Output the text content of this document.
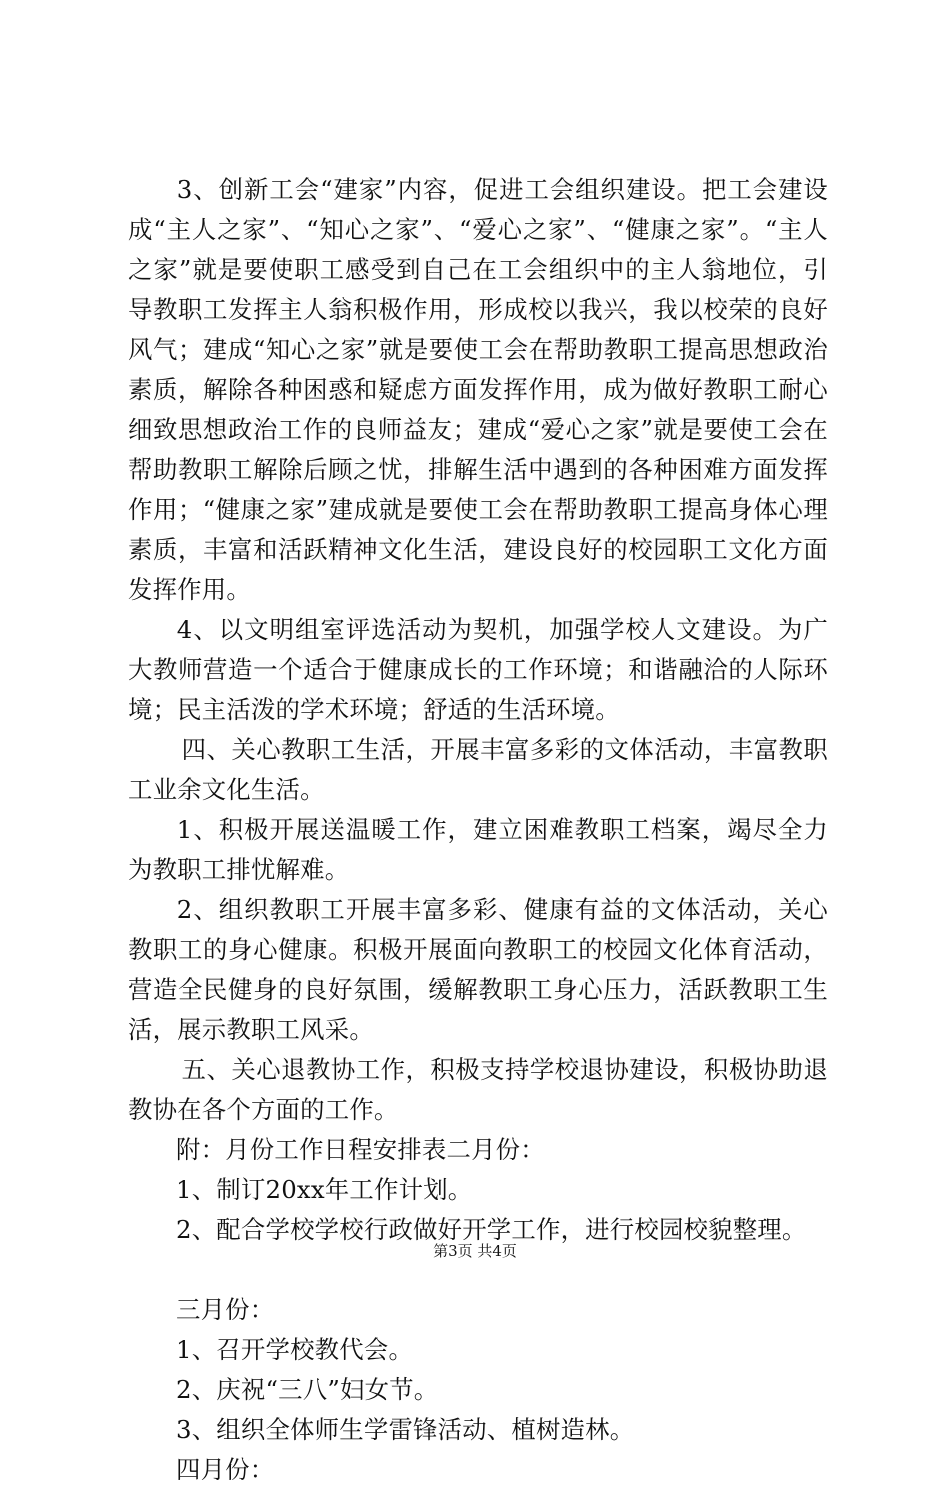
3、创新工会“建家”内容，促进工会组织建设。把工会建设成“主人之家”、“知心之家”、“爱心之家”、“健康之家”。“主人之家”就是要使职工感受到自己在工会组织中的主人翁地位，引导教职工发挥主人翁积极作用，形成校以我兴，我以校荣的良好风气；建成“知心之家”就是要使工会在帮助教职工提高思想政治素质，解除各种困惑和疑虑方面发挥作用，成为做好教职工耐心细致思想政治工作的良师益友；建成“爱心之家”就是要使工会在帮助教职工解除后顾之忧，排解生活中遇到的各种困难方面发挥作用；“健康之家”建成就是要使工会在帮助教职工提高身体心理素质，丰富和活跃精神文化生活，建设良好的校园职工文化方面发挥作用。

4、以文明组室评选活动为契机，加强学校人文建设。为广大教师营造一个适合于健康成长的工作环境；和谐融洽的人际环境；民主活泼的学术环境；舒适的生活环境。

四、关心教职工生活，开展丰富多彩的文体活动，丰富教职工业余文化生活。

1、积极开展送温暖工作，建立困难教职工档案，竭尽全力为教职工排忧解难。

2、组织教职工开展丰富多彩、健康有益的文体活动，关心教职工的身心健康。积极开展面向教职工的校园文化体育活动，营造全民健身的良好氛围，缓解教职工身心压力，活跃教职工生活，展示教职工风采。

五、关心退教协工作，积极支持学校退协建设，积极协助退教协在各个方面的工作。

附：月份工作日程安排表二月份：

1、制订20xx年工作计划。

2、配合学校学校行政做好开学工作，进行校园校貌整理。

三月份：

1、召开学校教代会。

2、庆祝“三八”妇女节。

3、组织全体师生学雷锋活动、植树造林。

四月份：

第3页 共4页
